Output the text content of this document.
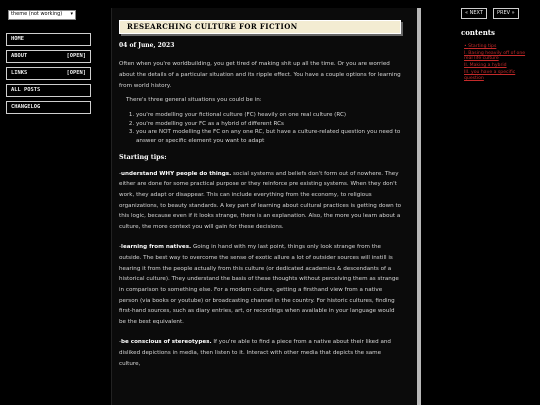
theme (not working) ▾
HOME
ABOUT	[OPEN]
LINKS	[OPEN]
ALL POSTS
CHANGELOG
RESEARCHING CULTURE FOR FICTION
04 of June, 2023

Often when you're worldbuilding, you get tired of making shit up all the time. Or you are worried about the details of a particular situation and its ripple effect. You have a couple options for learning from world history.

There's three general situations you could be in:

1. you're modelling your fictional culture (FC) heavily on one real culture (RC)
2. you're modelling your FC as a hybrid of different RCs
3. you are NOT modelling the FC on any one RC, but have a culture-related question you need to answer or specific element you want to adapt
Starting tips:

-understand WHY people do things. social systems and beliefs don't form out of nowhere. They either are done for some practical purpose or they reinforce pre existing systems. When they don't work, they adapt or disappear. This can include everything from the economy, to religious organizations, to beauty standards. A key part of learning about cultural practices is getting down to this logic, because even if it looks strange, there is an explanation. Also, the more you learn about a culture, the more context you will gain for these decisions.

-learning from natives. Going in hand with my last point, things only look strange from the outside. The best way to overcome the sense of exotic allure a lot of outsider sources will instill is hearing it from the people actually from this culture (or dedicated academics & descendants of a historical culture). They understand the basis of these thoughts without perceiving them as strange in comparison to something else. For a modern culture, getting a firsthand view from a native person (via books or youtube) or broadcasting channel in the country. For historic cultures, finding first-hand sources, such as diary entries, art, or recordings when available in your language would be the best equivalent.

-be conscious of stereotypes. If you're able to find a piece from a native about their liked and disliked depictions in media, then listen to it. Interact with other media that depicts the same culture,

« NEXT	PREV »
contents
• Starting tips
I. Basing heavily off of one real life culture
II. Making a hybrid
III. you have a specific question
